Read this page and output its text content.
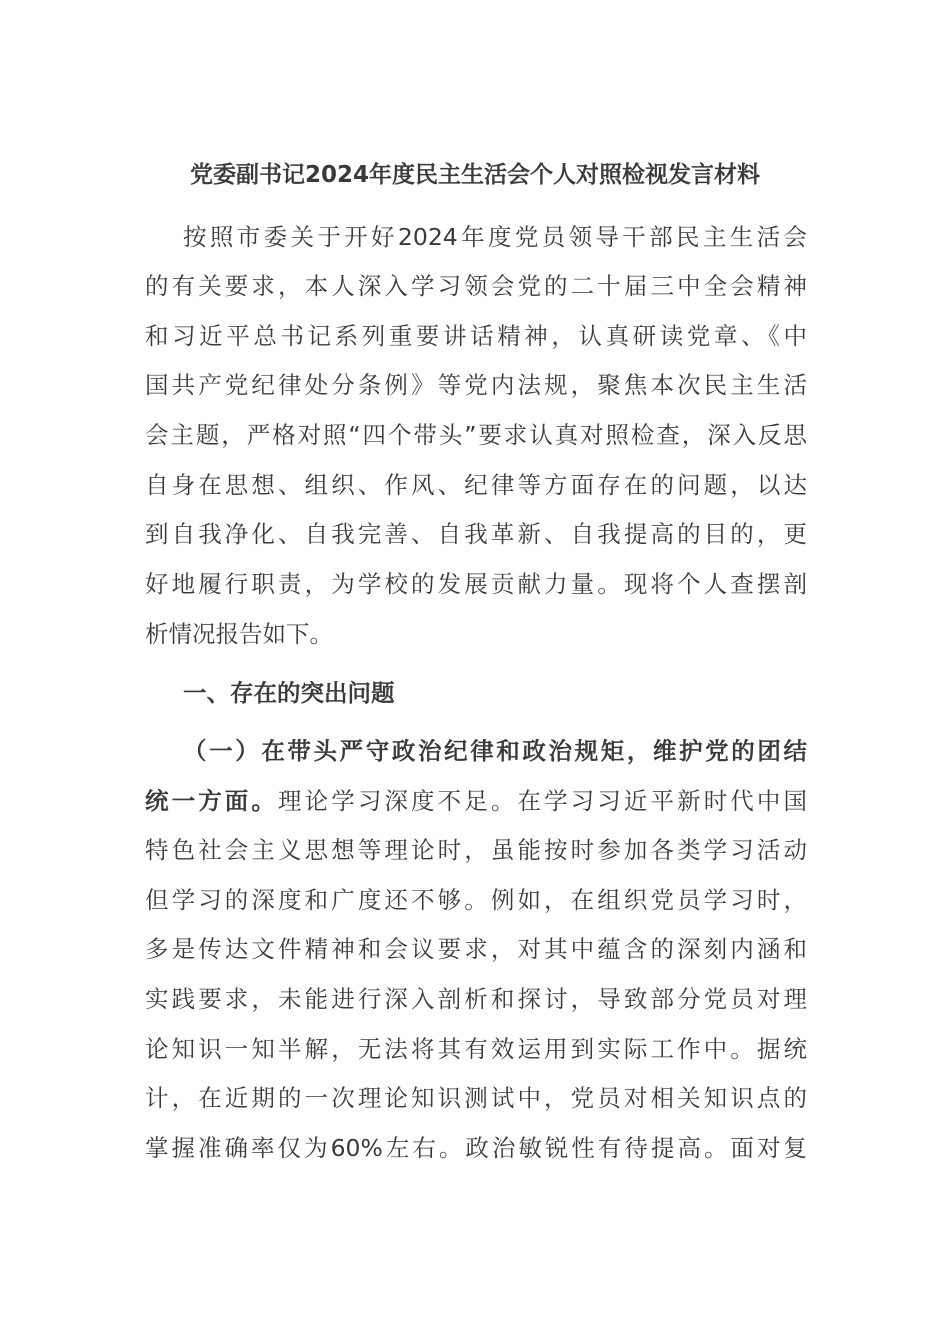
党委副书记2024年度民主生活会个人对照检视发言材料
按照市委关于开好2024年度党员领导干部民主生活会
的有关要求，本人深入学习领会党的二十届三中全会精神
和习近平总书记系列重要讲话精神，认真研读党章、《中
国共产党纪律处分条例》等党内法规，聚焦本次民主生活
会主题，严格对照“四个带头”要求认真对照检查，深入反思
自身在思想、组织、作风、纪律等方面存在的问题，以达
到自我净化、自我完善、自我革新、自我提高的目的，更
好地履行职责，为学校的发展贡献力量。现将个人查摆剖
析情况报告如下。
一、存在的突出问题
（一）在带头严守政治纪律和政治规矩，维护党的团结
统一方面。理论学习深度不足。在学习习近平新时代中国
特色社会主义思想等理论时，虽能按时参加各类学习活动
但学习的深度和广度还不够。例如，在组织党员学习时，
多是传达文件精神和会议要求，对其中蕴含的深刻内涵和
实践要求，未能进行深入剖析和探讨，导致部分党员对理
论知识一知半解，无法将其有效运用到实际工作中。据统
计，在近期的一次理论知识测试中，党员对相关知识点的
掌握准确率仅为60%左右。政治敏锐性有待提高。面对复
